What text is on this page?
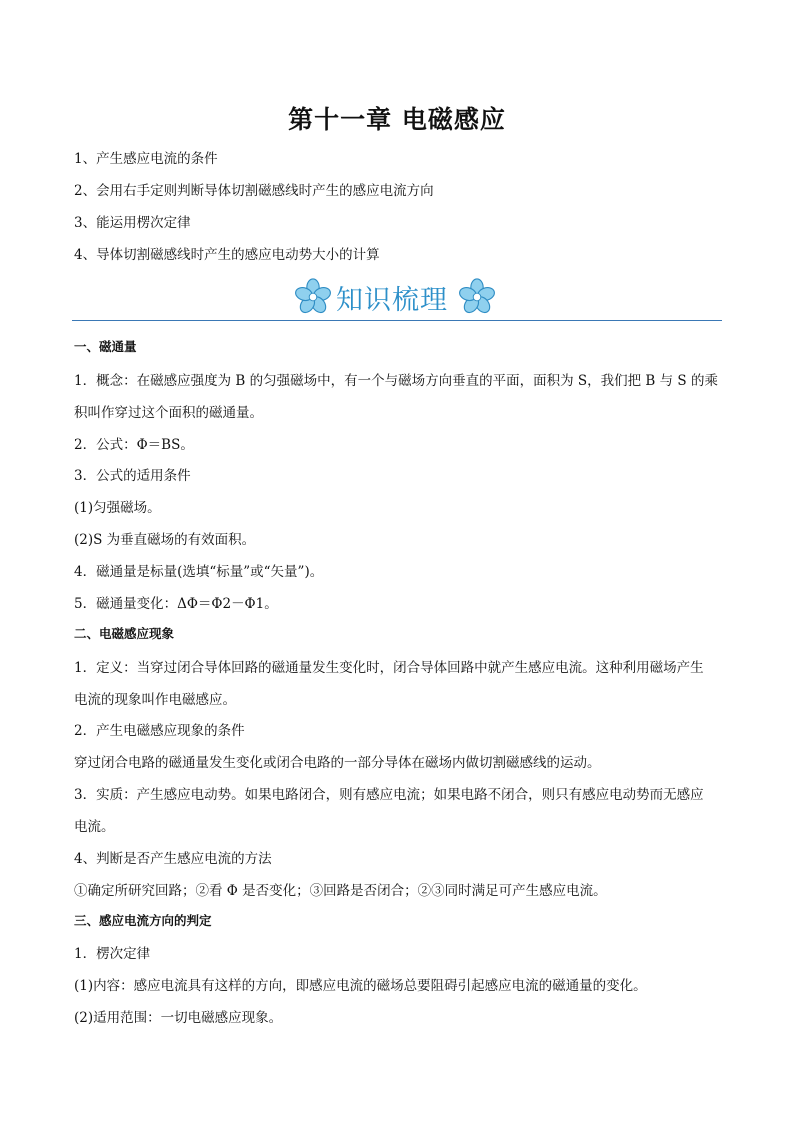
第十一章 电磁感应

1、产生感应电流的条件

2、会用右手定则判断导体切割磁感线时产生的感应电流方向

3、能运用楞次定律

4、导体切割磁感线时产生的感应电动势大小的计算

知识梳理

一、磁通量

1．概念：在磁感应强度为 B 的匀强磁场中，有一个与磁场方向垂直的平面，面积为 S，我们把 B 与 S 的乘

积叫作穿过这个面积的磁通量。

2．公式：Φ＝BS。

3．公式的适用条件

(1)匀强磁场。

(2)S 为垂直磁场的有效面积。

4．磁通量是标量(选填“标量”或“矢量”)。

5．磁通量变化：ΔΦ＝Φ2－Φ1。

二、电磁感应现象

1．定义：当穿过闭合导体回路的磁通量发生变化时，闭合导体回路中就产生感应电流。这种利用磁场产生

电流的现象叫作电磁感应。

2．产生电磁感应现象的条件

穿过闭合电路的磁通量发生变化或闭合电路的一部分导体在磁场内做切割磁感线的运动。

3．实质：产生感应电动势。如果电路闭合，则有感应电流；如果电路不闭合，则只有感应电动势而无感应

电流。

4、判断是否产生感应电流的方法

①确定所研究回路；②看 Φ 是否变化；③回路是否闭合；②③同时满足可产生感应电流。

三、感应电流方向的判定

1．楞次定律

(1)内容：感应电流具有这样的方向，即感应电流的磁场总要阻碍引起感应电流的磁通量的变化。

(2)适用范围：一切电磁感应现象。
